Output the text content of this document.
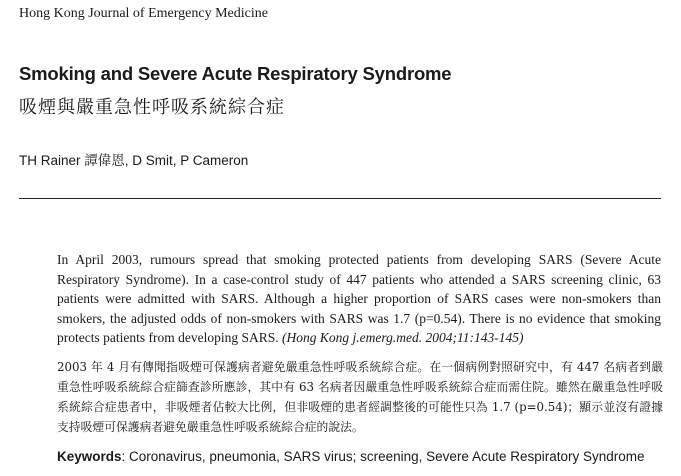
Hong Kong Journal of Emergency Medicine
Smoking and Severe Acute Respiratory Syndrome
吸煙與嚴重急性呼吸系統綜合症
TH Rainer 譚偉恩, D Smit, P Cameron

In April 2003, rumours spread that smoking protected patients from developing SARS (Severe Acute Respiratory Syndrome). In a case-control study of 447 patients who attended a SARS screening clinic, 63 patients were admitted with SARS. Although a higher proportion of SARS cases were non-smokers than smokers, the adjusted odds of non-smokers with SARS was 1.7 (p=0.54). There is no evidence that smoking protects patients from developing SARS. (Hong Kong j.emerg.med. 2004;11:143-145)

2003 年 4 月有傳聞指吸煙可保護病者避免嚴重急性呼吸系統綜合症。在一個病例對照研究中，有 447 名病者到嚴重急性呼吸系統綜合症篩查診所應診，其中有 63 名病者因嚴重急性呼吸系統綜合症而需住院。雖然在嚴重急性呼吸系統綜合症患者中，非吸煙者佔較大比例，但非吸煙的患者經調整後的可能性只為 1.7 (p=0.54)；顯示並沒有證據支持吸煙可保護病者避免嚴重急性呼吸系統綜合症的說法。

Keywords: Coronavirus, pneumonia, SARS virus; screening, Severe Acute Respiratory Syndrome
